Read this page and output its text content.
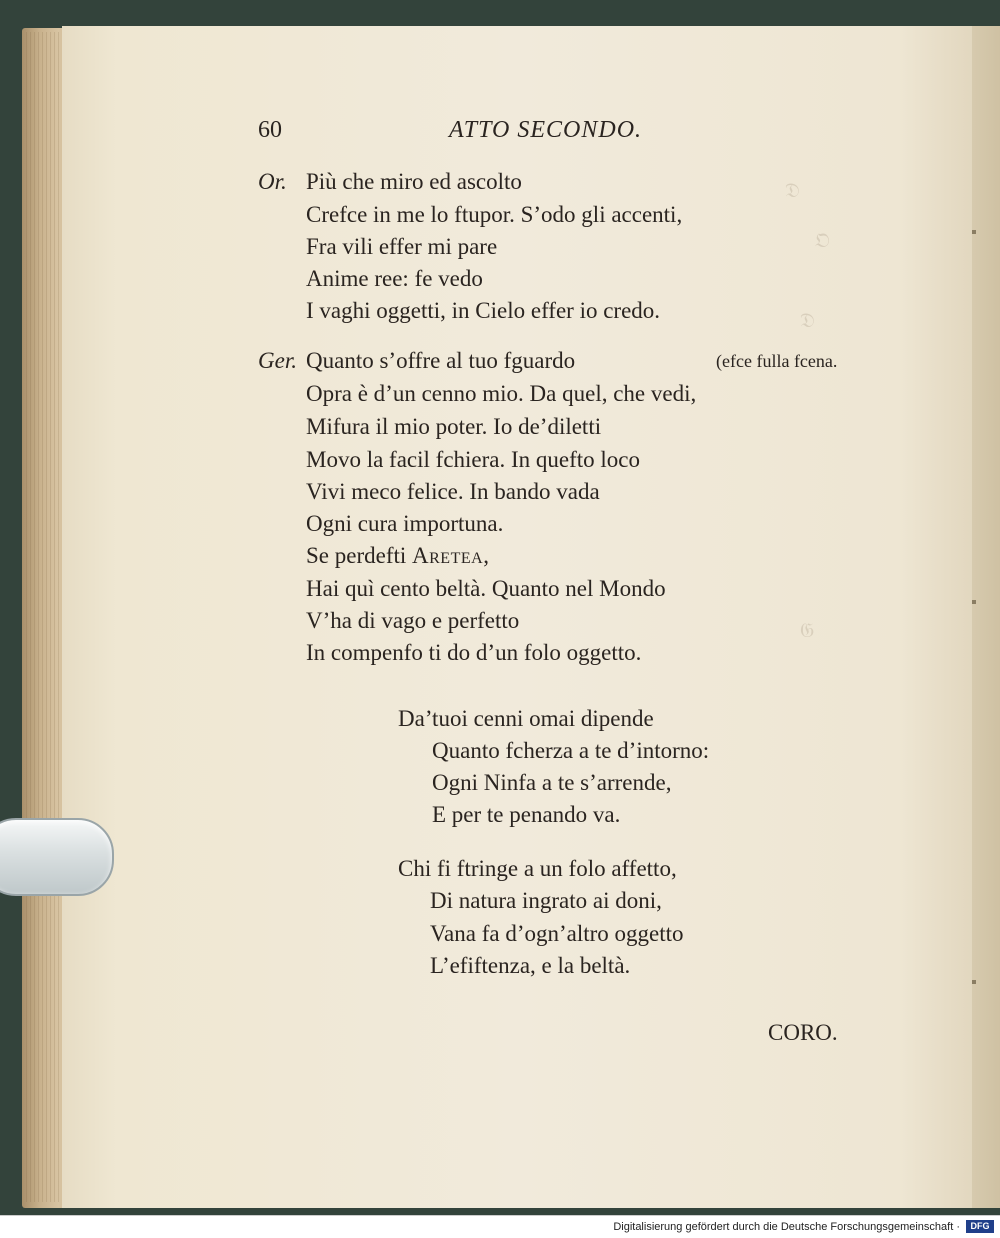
𝔇
𝔒
𝔇
𝔊
60	ATTO SECONDO.
Or. Più che miro ed ascolto
Crefce in me lo ftupor. S’odo gli accenti,
Fra vili effer mi pare
Anime ree: fe vedo
I vaghi oggetti, in Cielo effer io credo.
Ger. Quanto s’offre al tuo fguardo	(efce fulla fcena.
Opra è d’un cenno mio. Da quel, che vedi,
Mifura il mio poter. Io de’diletti
Movo la facil fchiera. In quefto loco
Vivi meco felice. In bando vada
Ogni cura importuna.
Se perdefti Aretea,
Hai quì cento beltà. Quanto nel Mondo
V’ha di vago e perfetto
In compenfo ti do d’un folo oggetto.
Da’tuoi cenni omai dipende
Quanto fcherza a te d’intorno:
Ogni Ninfa a te s’arrende,
E per te penando va.
Chi fi ftringe a un folo affetto,
Di natura ingrato ai doni,
Vana fa d’ogn’altro oggetto
L’efiftenza, e la beltà.
CORO.
Digitalisierung gefördert durch die Deutsche Forschungsgemeinschaft ·	DFG
